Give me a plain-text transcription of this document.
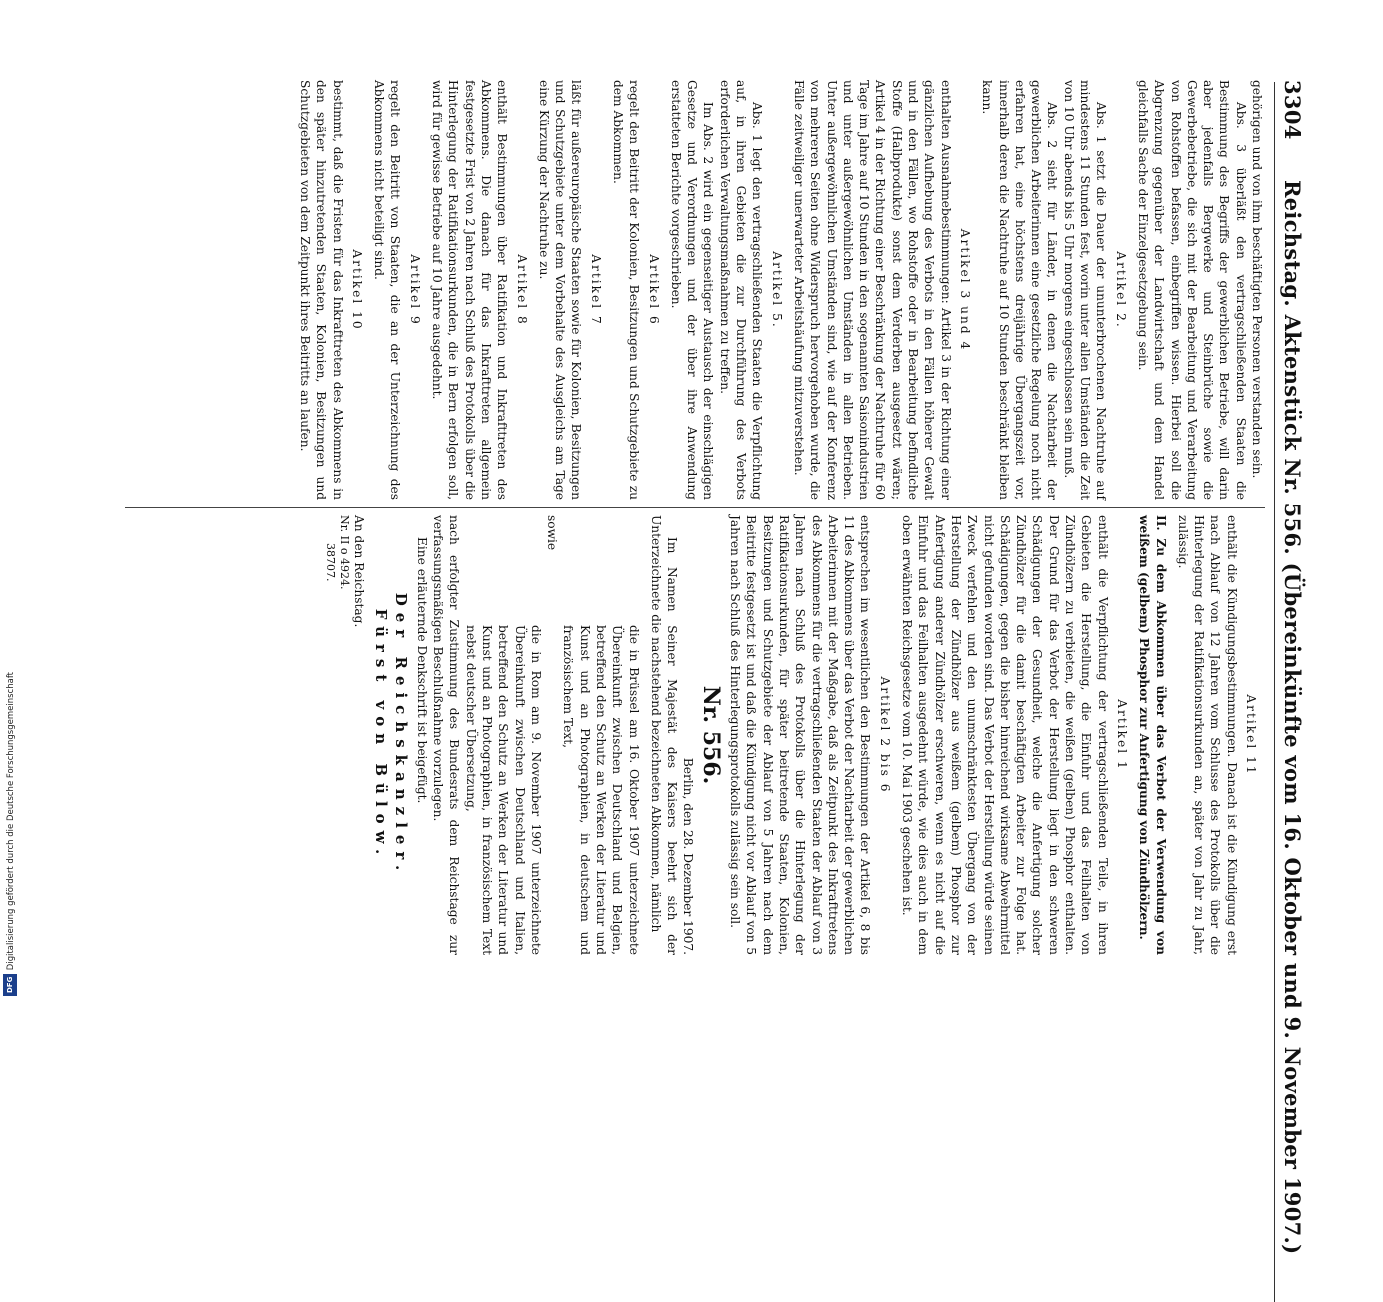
3304
Reichstag. Aktenstück Nr. 556. (Übereinkünfte vom 16. Oktober und 9. November 1907.)

gehörigen und von ihm beschäftigten Personen verstanden sein.

Abs. 3 überläßt den vertragschließenden Staaten die Bestimmung des Begriffs der gewerblichen Betriebe, will darin aber jedenfalls Bergwerke und Steinbrüche sowie die Gewerbebetriebe, die sich mit der Bearbeitung und Verarbeitung von Rohstoffen befassen, einbegriffen wissen. Hierbei soll die Abgrenzung gegenüber der Landwirtschaft und dem Handel gleichfalls Sache der Einzelgesetzgebung sein.

Artikel 2.

Abs. 1 setzt die Dauer der ununterbrochenen Nachtruhe auf mindestens 11 Stunden fest, worin unter allen Umständen die Zeit von 10 Uhr abends bis 5 Uhr morgens eingeschlossen sein muß.

Abs. 2 sieht für Länder, in denen die Nachtarbeit der gewerblichen Arbeiterinnen eine gesetzliche Regelung noch nicht erfahren hat, eine höchstens dreijährige Übergangszeit vor, innerhalb deren die Nachtruhe auf 10 Stunden beschränkt bleiben kann.

Artikel 3 und 4

enthalten Ausnahmebestimmungen: Artikel 3 in der Richtung einer gänzlichen Aufhebung des Verbots in den Fällen höherer Gewalt und in den Fällen, wo Rohstoffe oder in Bearbeitung befindliche Stoffe (Halbprodukte) sonst dem Verderben ausgesetzt wären; Artikel 4 in der Richtung einer Beschränkung der Nachtruhe für 60 Tage im Jahre auf 10 Stunden in den sogenannten Saisonindustrien und unter außergewöhnlichen Umständen in allen Betrieben. Unter außergewöhnlichen Umständen sind, wie auf der Konferenz von mehreren Seiten ohne Widerspruch hervorgehoben wurde, die Fälle zeitweiliger unerwarteter Arbeitshäufung mitzuverstehen.

Artikel 5.

Abs. 1 legt den vertragschließenden Staaten die Verpflichtung auf, in ihren Gebieten die zur Durchführung des Verbots erforderlichen Verwaltungsmaßnahmen zu treffen.

Im Abs. 2 wird ein gegenseitiger Austausch der einschlägigen Gesetze und Verordnungen und der über ihre Anwendung erstatteten Berichte vorgeschrieben.

Artikel 6

regelt den Beitritt der Kolonien, Besitzungen und Schutzgebiete zu dem Abkommen.

Artikel 7

läßt für außereuropäische Staaten sowie für Kolonien, Besitzungen und Schutzgebiete unter dem Vorbehalte des Ausgleichs am Tage eine Kürzung der Nachtruhe zu.

Artikel 8

enthält Bestimmungen über Ratifikation und Inkrafttreten des Abkommens. Die danach für das Inkrafttreten allgemein festgesetzte Frist von 2 Jahren nach Schluß des Protokolls über die Hinterlegung der Ratifikationsurkunden, die in Bern erfolgen soll, wird für gewisse Betriebe auf 10 Jahre ausgedehnt.

Artikel 9

regelt den Beitritt von Staaten, die an der Unterzeichnung des Abkommens nicht beteiligt sind.

Artikel 10

bestimmt, daß die Fristen für das Inkrafttreten des Abkommens in den später hinzutretenden Staaten, Kolonien, Besitzungen und Schutzgebieten von dem Zeitpunkt ihres Beitritts an laufen.

Artikel 11

enthält die Kündigungsbestimmungen. Danach ist die Kündigung erst nach Ablauf von 12 Jahren vom Schlusse des Protokolls über die Hinterlegung der Ratifikationsurkunden an, später von Jahr zu Jahr, zulässig.

II. Zu dem Abkommen über das Verbot der Verwendung von weißem (gelbem) Phosphor zur Anfertigung von Zündhölzern.

Artikel 1

enthält die Verpflichtung der vertragschließenden Teile, in ihren Gebieten die Herstellung, die Einfuhr und das Feilhalten von Zündhölzern zu verbieten, die weißen (gelben) Phosphor enthalten. Der Grund für das Verbot der Herstellung liegt in den schweren Schädigungen der Gesundheit, welche die Anfertigung solcher Zündhölzer für die damit beschäftigten Arbeiter zur Folge hat. Schädigungen, gegen die bisher hinreichend wirksame Abwehrmittel nicht gefunden worden sind. Das Verbot der Herstellung würde seinen Zweck verfehlen und den unumschränktesten Übergang von der Herstellung der Zündhölzer aus weißem (gelbem) Phosphor zur Anfertigung anderer Zündhölzer erschweren, wenn es nicht auf die Einfuhr und das Feilhalten ausgedehnt würde, wie dies auch in dem oben erwähnten Reichsgesetze vom 10. Mai 1903 geschehen ist.

Artikel 2 bis 6

entsprechen im wesentlichen den Bestimmungen der Artikel 6, 8 bis 11 des Abkommens über das Verbot der Nachtarbeit der gewerblichen Arbeiterinnen mit der Maßgabe, daß als Zeitpunkt des Inkrafttretens des Abkommens für die vertragschließenden Staaten der Ablauf von 3 Jahren nach Schluß des Protokolls über die Hinterlegung der Ratifikationsurkunden, für später beitretende Staaten, Kolonien, Besitzungen und Schutzgebiete der Ablauf von 5 Jahren nach dem Beitritte festgesetzt ist und daß die Kündigung nicht vor Ablauf von 5 Jahren nach Schluß des Hinterlegungsprotokolls zulässig sein soll.

Nr. 556.

Berlin, den 28. Dezember 1907.

Im Namen Seiner Majestät des Kaisers beehrt sich der Unterzeichnete die nachstehend bezeichneten Abkommen, nämlich

die in Brüssel am 16. Oktober 1907 unterzeichnete Übereinkunft zwischen Deutschland und Belgien, betreffend den Schutz an Werken der Literatur und Kunst und an Photographien, in deutschem und französischem Text,

sowie

die in Rom am 9. November 1907 unterzeichnete Übereinkunft zwischen Deutschland und Italien, betreffend den Schutz an Werken der Literatur und Kunst und an Photographien, in französischem Text nebst deutscher Übersetzung,

nach erfolgter Zustimmung des Bundesrats dem Reichstage zur verfassungsmäßigen Beschlußnahme vorzulegen.

Eine erläuternde Denkschrift ist beigefügt.

Der Reichskanzler.

Fürst von Bülow.

An den Reichstag.

Nr. II o 4924.

38707.

Digitalisierung gefördert durch die Deutsche Forschungsgemeinschaft
DFG
